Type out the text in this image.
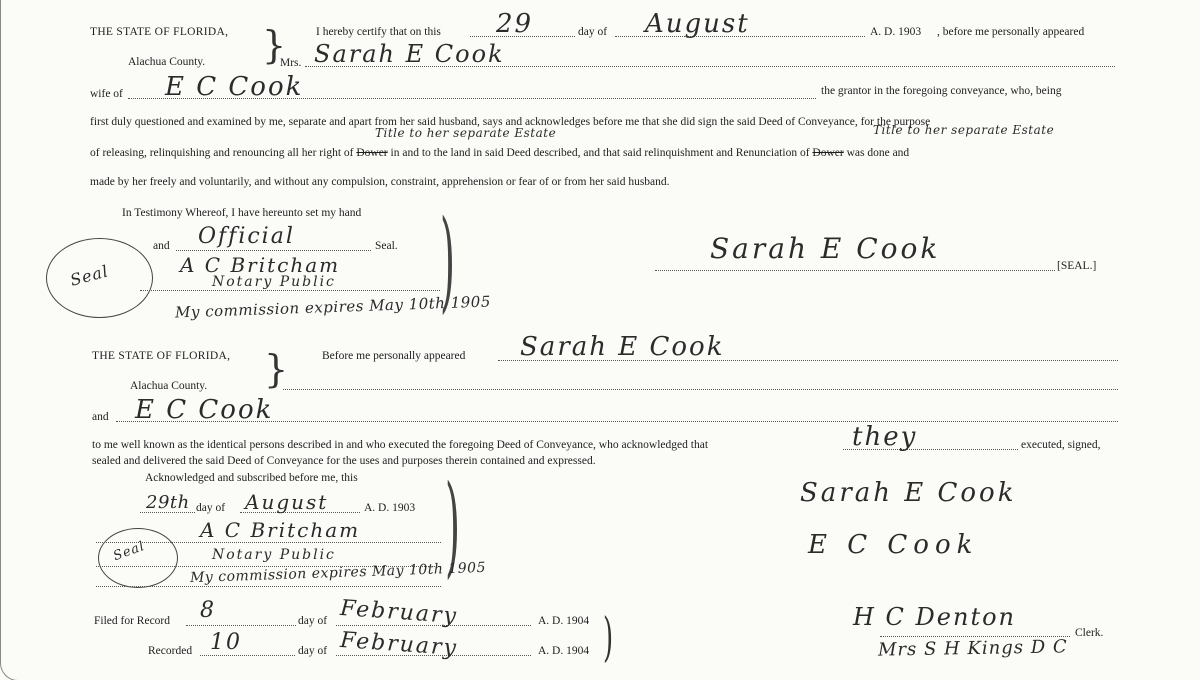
THE STATE OF FLORIDA, }
Alachua County.
I hereby certify that on this 29	day of August	A. D. 1903 , before me personally appeared
Mrs. Sarah E Cook
wife of E C Cook	the grantor in the foregoing conveyance, who, being
first duly questioned and examined by me, separate and apart from her said husband, says and acknowledges before me that she did sign the said Deed of Conveyance, for the purpose
Title to her separate Estate	Title to her separate Estate
of releasing, relinquishing and renouncing all her right of Dower in and to the land in said Deed described, and that said relinquishment and Renunciation of Dower was done and
made by her freely and voluntarily, and without any compulsion, constraint, apprehension or fear of or from her said husband.
In Testimony Whereof, I have hereunto set my hand )
and Official	Seal.
Seal	A C Britcham
Notary Public
My commission expires May 10th 1905
Sarah E Cook
[SEAL.]
THE STATE OF FLORIDA, }
Alachua County.
Before me personally appeared Sarah E Cook
and E C Cook
to me well known as the identical persons described in and who executed the foregoing Deed of Conveyance, who acknowledged that	they	executed, signed,
sealed and delivered the said Deed of Conveyance for the uses and purposes therein contained and expressed.
Acknowledged and subscribed before me, this )
29th day of August	A. D. 1903
Seal
A C Britcham
Notary Public
My commission expires May 10th 1905
Sarah E Cook
E C Cook
Filed for Record 8	day of February	A. D. 1904
Recorded 10	day of February	A. D. 1904 )	H C Denton
Clerk.
Mrs S H Kings D C
